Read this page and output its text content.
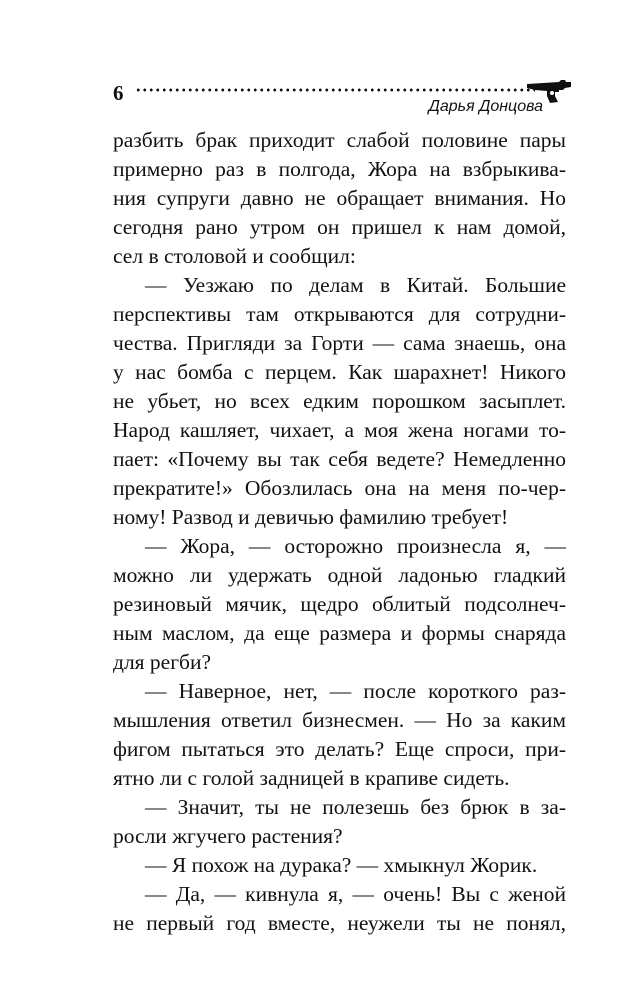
6
Дарья Донцова
разбить брак приходит слабой половине пары
примерно раз в полгода, Жора на взбрыкива-
ния супруги давно не обращает внимания. Но
сегодня рано утром он пришел к нам домой,
сел в столовой и сообщил:
— Уезжаю по делам в Китай. Большие
перспективы там открываются для сотрудни-
чества. Пригляди за Горти — сама знаешь, она
у нас бомба с перцем. Как шарахнет! Никого
не убьет, но всех едким порошком засыплет.
Народ кашляет, чихает, а моя жена ногами то-
пает: «Почему вы так себя ведете? Немедленно
прекратите!» Обозлилась она на меня по-чер-
ному! Развод и девичью фамилию требует!
— Жора, — осторожно произнесла я, —
можно ли удержать одной ладонью гладкий
резиновый мячик, щедро облитый подсолнеч-
ным маслом, да еще размера и формы снаряда
для регби?
— Наверное, нет, — после короткого раз-
мышления ответил бизнесмен. — Но за каким
фигом пытаться это делать? Еще спроси, при-
ятно ли с голой задницей в крапиве сидеть.
— Значит, ты не полезешь без брюк в за-
росли жгучего растения?
— Я похож на дурака? — хмыкнул Жорик.
— Да, — кивнула я, — очень! Вы с женой
не первый год вместе, неужели ты не понял,
